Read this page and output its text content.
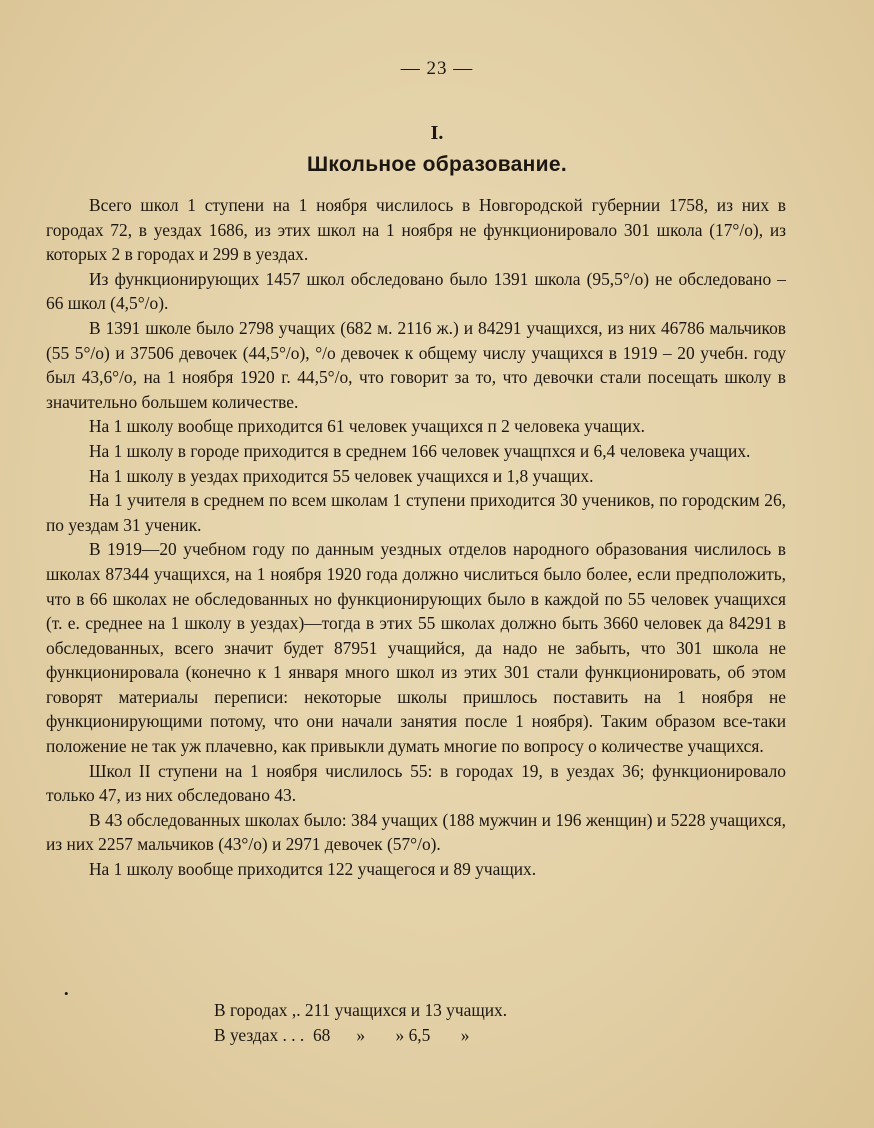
— 23 —
I.
Школьное образование.

Всего школ 1 ступени на 1 ноября числилось в Новгородской губернии 1758, из них в городах 72, в уездах 1686, из этих школ на 1 ноября не функционировало 301 школа (17°/о), из которых 2 в городах и 299 в уездах.

Из функционирующих 1457 школ обследовано было 1391 школа (95,5°/о) не обследовано – 66 школ (4,5°/о).

В 1391 школе было 2798 учащих (682 м. 2116 ж.) и 84291 учащихся, из них 46786 мальчиков (55 5°/о) и 37506 девочек (44,5°/о), °/о девочек к общему числу учащихся в 1919 – 20 учебн. году был 43,6°/о, на 1 ноября 1920 г. 44,5°/о, что говорит за то, что девочки стали посещать школу в значительно большем количестве.

На 1 школу вообще приходится 61 человек учащихся п 2 человека учащих.

На 1 школу в городе приходится в среднем 166 человек учащпхся и 6,4 человека учащих.

На 1 школу в уездах приходится 55 человек учащихся и 1,8 учащих.

На 1 учителя в среднем по всем школам 1 ступени приходится 30 учеников, по городским 26, по уездам 31 ученик.

В 1919—20 учебном году по данным уездных отделов народного образования числилось в школах 87344 учащихся, на 1 ноября 1920 года должно числиться было более, если предположить, что в 66 школах не обследованных но функционирующих было в каждой по 55 человек учащихся (т. е. среднее на 1 школу в уездах)—тогда в этих 55 школах должно быть 3660 человек да 84291 в обследованных, всего значит будет 87951 учащийся, да надо не забыть, что 301 школа не функционировала (конечно к 1 января много школ из этих 301 стали функционировать, об этом говорят материалы переписи: некоторые школы пришлось поставить на 1 ноября не функционирующими потому, что они начали занятия после 1 ноября). Таким образом все-таки положение не так уж плачевно, как привыкли думать многие по вопросу о количестве учащихся.

Школ II ступени на 1 ноября числилось 55: в городах 19, в уездах 36; функционировало только 47, из них обследовано 43.

В 43 обследованных школах было: 384 учащих (188 мужчин и 196 женщин) и 5228 учащихся, из них 2257 мальчиков (43°/о) и 2971 девочек (57°/о).

На 1 школу вообще приходится 122 учащегося и 89 учащих.

•
В городах ,. 211 учащихся и 13 учащих.
В уездах . . .  68      »       » 6,5       »
